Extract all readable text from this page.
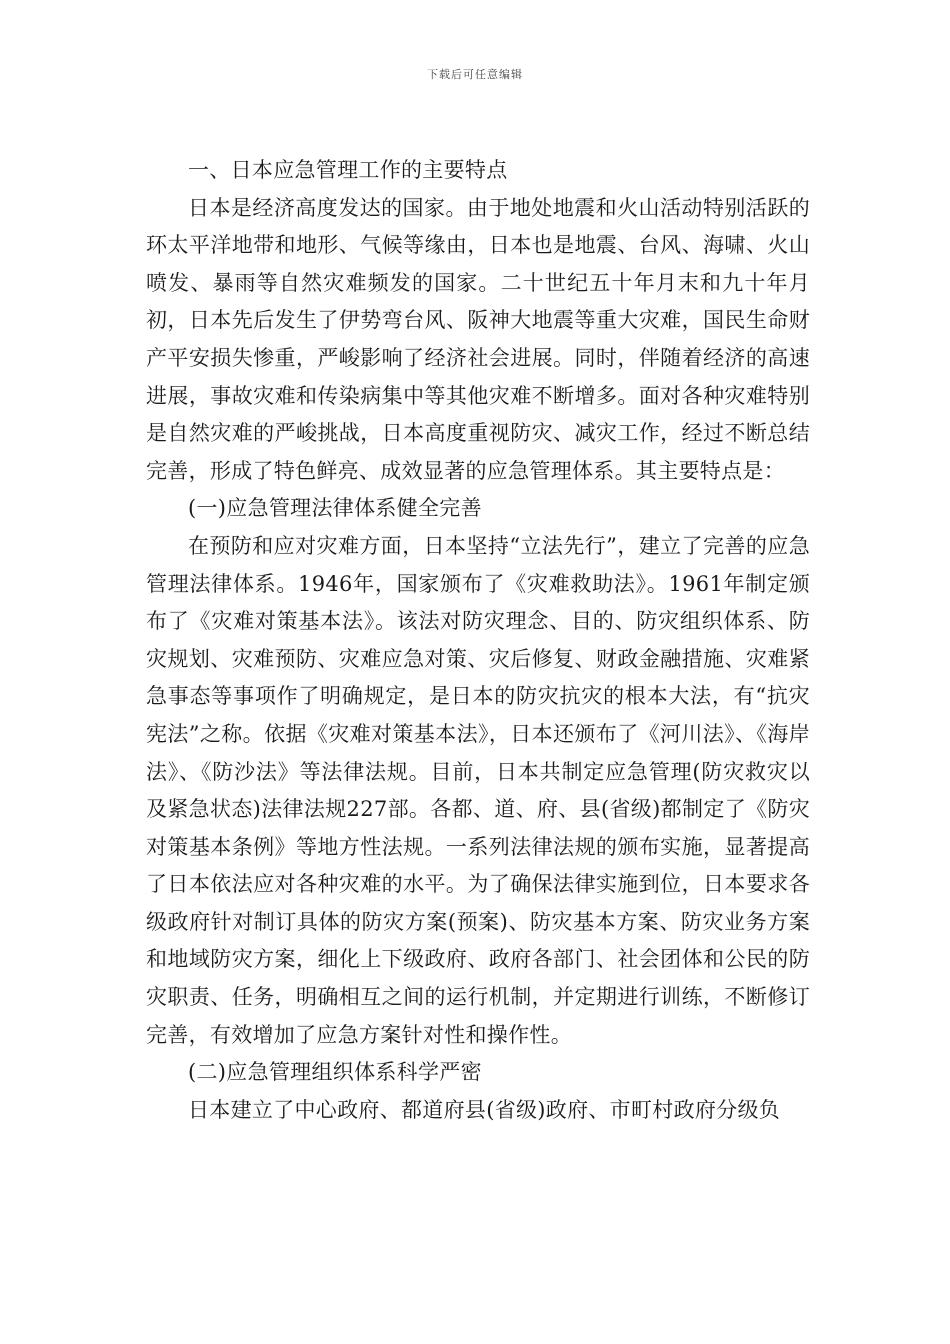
下载后可任意编辑

一、日本应急管理工作的主要特点

日本是经济高度发达的国家。由于地处地震和火山活动特别活跃的环太平洋地带和地形、气候等缘由，日本也是地震、台风、海啸、火山喷发、暴雨等自然灾难频发的国家。二十世纪五十年月末和九十年月初，日本先后发生了伊势弯台风、阪神大地震等重大灾难，国民生命财产平安损失惨重，严峻影响了经济社会进展。同时，伴随着经济的高速进展，事故灾难和传染病集中等其他灾难不断增多。面对各种灾难特别是自然灾难的严峻挑战，日本高度重视防灾、减灾工作，经过不断总结完善，形成了特色鲜亮、成效显著的应急管理体系。其主要特点是：

(一)应急管理法律体系健全完善

在预防和应对灾难方面，日本坚持“立法先行”，建立了完善的应急管理法律体系。1946年，国家颁布了《灾难救助法》。1961年制定颁布了《灾难对策基本法》。该法对防灾理念、目的、防灾组织体系、防灾规划、灾难预防、灾难应急对策、灾后修复、财政金融措施、灾难紧急事态等事项作了明确规定，是日本的防灾抗灾的根本大法，有“抗灾宪法”之称。依据《灾难对策基本法》，日本还颁布了《河川法》、《海岸法》、《防沙法》等法律法规。目前，日本共制定应急管理(防灾救灾以及紧急状态)法律法规227部。各都、道、府、县(省级)都制定了《防灾对策基本条例》等地方性法规。一系列法律法规的颁布实施，显著提高了日本依法应对各种灾难的水平。为了确保法律实施到位，日本要求各级政府针对制订具体的防灾方案(预案)、防灾基本方案、防灾业务方案和地域防灾方案，细化上下级政府、政府各部门、社会团体和公民的防灾职责、任务，明确相互之间的运行机制，并定期进行训练，不断修订完善，有效增加了应急方案针对性和操作性。

(二)应急管理组织体系科学严密

日本建立了中心政府、都道府县(省级)政府、市町村政府分级负
